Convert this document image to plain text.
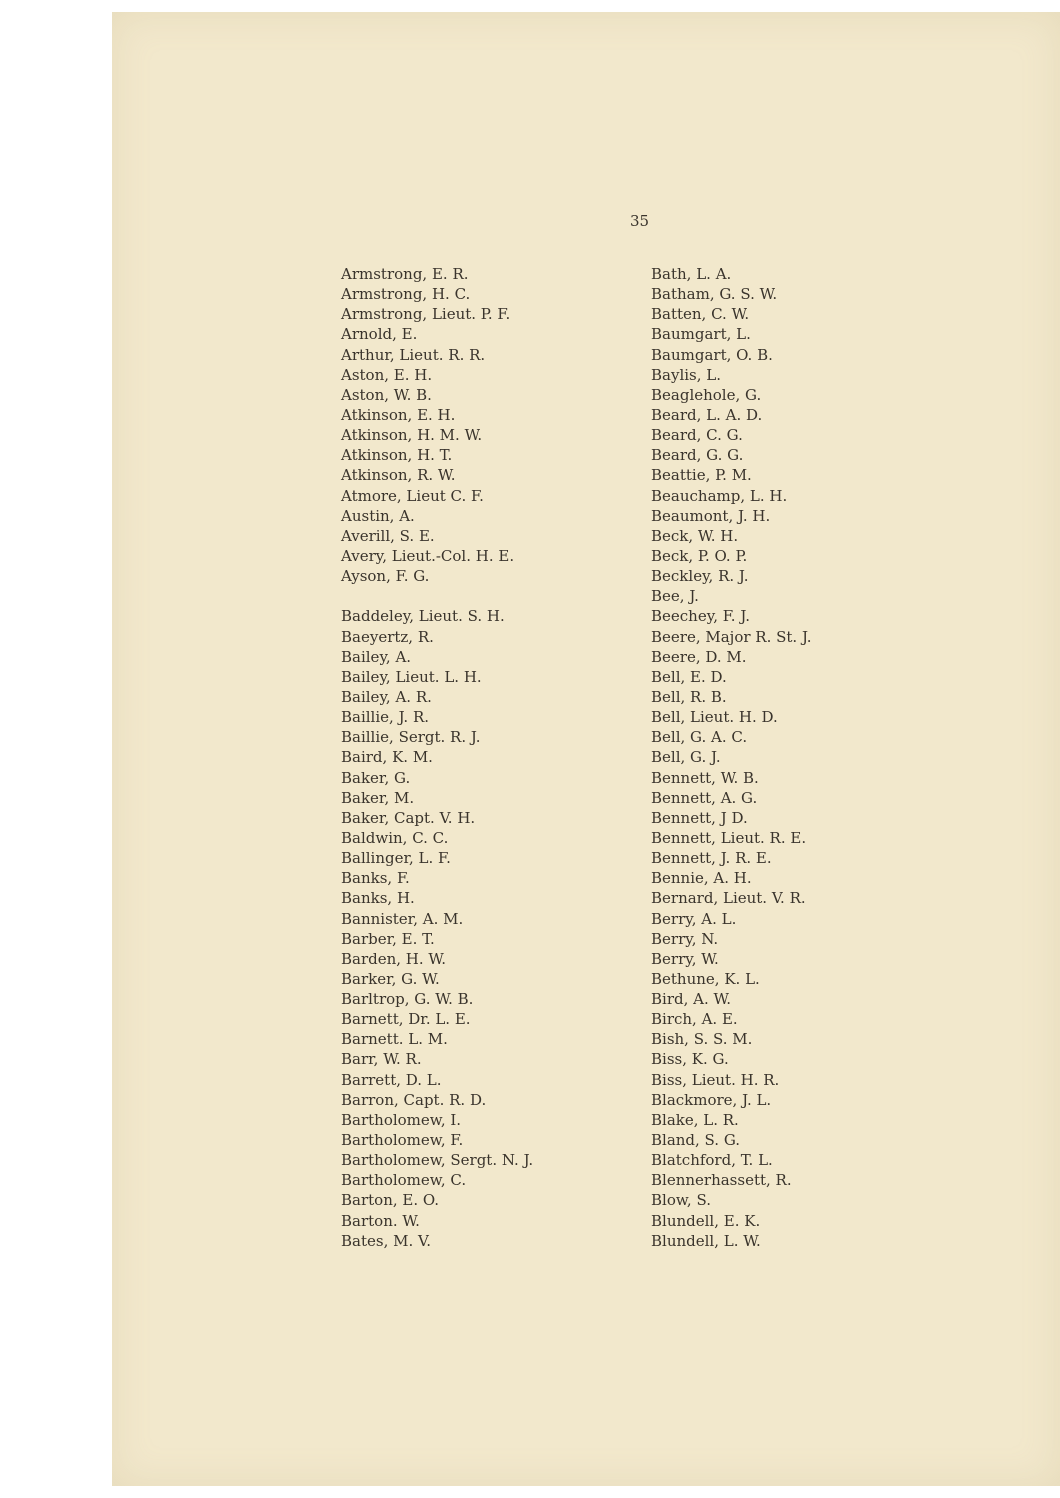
35
Armstrong, E. R.
Armstrong, H. C.
Armstrong, Lieut. P. F.
Arnold, E.
Arthur, Lieut. R. R.
Aston, E. H.
Aston, W. B.
Atkinson, E. H.
Atkinson, H. M. W.
Atkinson, H. T.
Atkinson, R. W.
Atmore, Lieut C. F.
Austin, A.
Averill, S. E.
Avery, Lieut.-Col. H. E.
Ayson, F. G.
Baddeley, Lieut. S. H.
Baeyertz, R.
Bailey, A.
Bailey, Lieut. L. H.
Bailey, A. R.
Baillie, J. R.
Baillie, Sergt. R. J.
Baird, K. M.
Baker, G.
Baker, M.
Baker, Capt. V. H.
Baldwin, C. C.
Ballinger, L. F.
Banks, F.
Banks, H.
Bannister, A. M.
Barber, E. T.
Barden, H. W.
Barker, G. W.
Barltrop, G. W. B.
Barnett, Dr. L. E.
Barnett. L. M.
Barr, W. R.
Barrett, D. L.
Barron, Capt. R. D.
Bartholomew, I.
Bartholomew, F.
Bartholomew, Sergt. N. J.
Bartholomew, C.
Barton, E. O.
Barton. W.
Bates, M. V.
Bath, L. A.
Batham, G. S. W.
Batten, C. W.
Baumgart, L.
Baumgart, O. B.
Baylis, L.
Beaglehole, G.
Beard, L. A. D.
Beard, C. G.
Beard, G. G.
Beattie, P. M.
Beauchamp, L. H.
Beaumont, J. H.
Beck, W. H.
Beck, P. O. P.
Beckley, R. J.
Bee, J.
Beechey, F. J.
Beere, Major R. St. J.
Beere, D. M.
Bell, E. D.
Bell, R. B.
Bell, Lieut. H. D.
Bell, G. A. C.
Bell, G. J.
Bennett, W. B.
Bennett, A. G.
Bennett, J D.
Bennett, Lieut. R. E.
Bennett, J. R. E.
Bennie, A. H.
Bernard, Lieut. V. R.
Berry, A. L.
Berry, N.
Berry, W.
Bethune, K. L.
Bird, A. W.
Birch, A. E.
Bish, S. S. M.
Biss, K. G.
Biss, Lieut. H. R.
Blackmore, J. L.
Blake, L. R.
Bland, S. G.
Blatchford, T. L.
Blennerhassett, R.
Blow, S.
Blundell, E. K.
Blundell, L. W.
